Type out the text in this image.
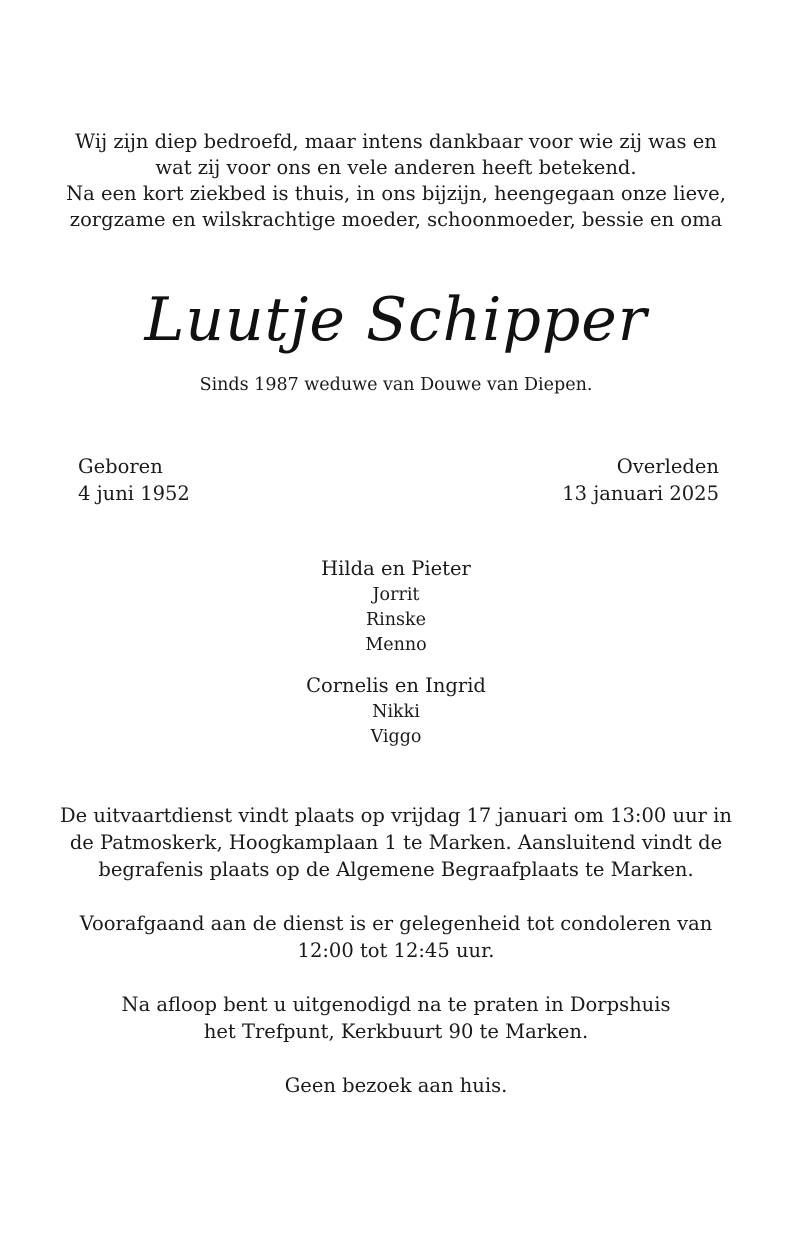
Wij zijn diep bedroefd, maar intens dankbaar voor wie zij was en
wat zij voor ons en vele anderen heeft betekend.
Na een kort ziekbed is thuis, in ons bijzijn, heengegaan onze lieve,
zorgzame en wilskrachtige moeder, schoonmoeder, bessie en oma
Luutje Schipper
Sinds 1987 weduwe van Douwe van Diepen.
Geboren
4 juni 1952
Overleden
13 januari 2025
Hilda en Pieter
Jorrit
Rinske
Menno
Cornelis en Ingrid
Nikki
Viggo
De uitvaartdienst vindt plaats op vrijdag 17 januari om 13:00 uur in
de Patmoskerk, Hoogkamplaan 1 te Marken. Aansluitend vindt de
begrafenis plaats op de Algemene Begraafplaats te Marken.
Voorafgaand aan de dienst is er gelegenheid tot condoleren van
12:00 tot 12:45 uur.
Na afloop bent u uitgenodigd na te praten in Dorpshuis
het Trefpunt, Kerkbuurt 90 te Marken.
Geen bezoek aan huis.
